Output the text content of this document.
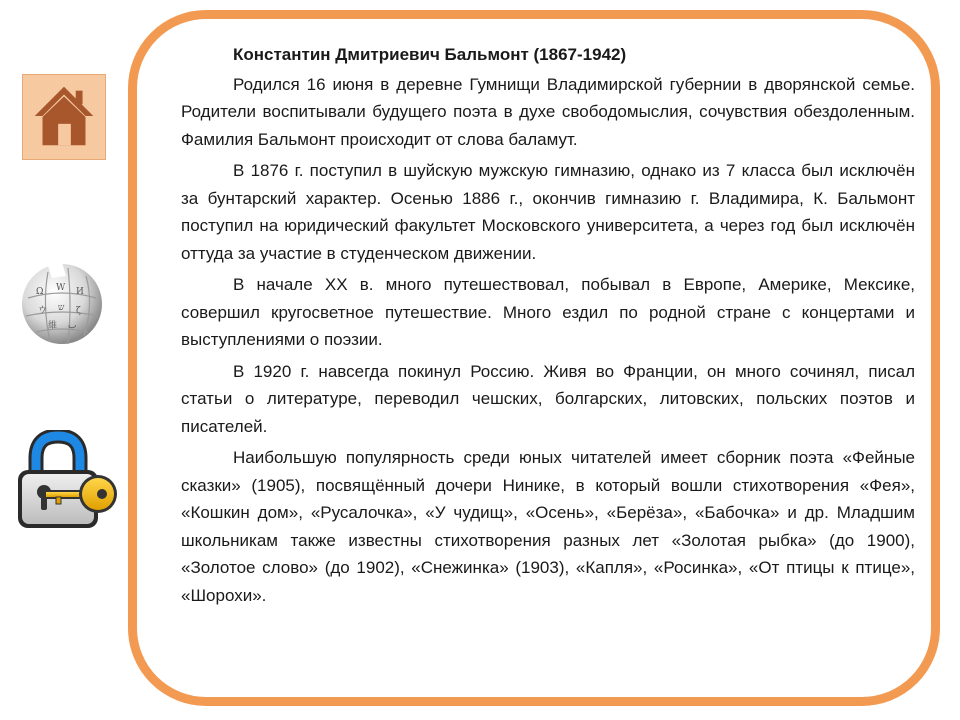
Ω W И
ウ ש ζ
維 ب

Константин Дмитриевич Бальмонт (1867-1942)

Родился 16 июня в деревне Гумнищи Владимирской губернии в дворянской семье. Родители воспитывали будущего поэта в духе свободомыслия, сочувствия обездоленным. Фамилия Бальмонт происходит от слова баламут.

В 1876 г. поступил в шуйскую мужскую гимназию, однако из 7 класса был исключён за бунтарский характер. Осенью 1886 г., окончив гимназию г. Владимира, К. Бальмонт поступил на юридический факультет Московского университета, а через год был исключён оттуда за участие в студенческом движении.

В начале XX в. много путешествовал, побывал в Европе, Америке, Мексике, совершил кругосветное путешествие. Много ездил по родной стране с концертами и выступлениями о поэзии.

В 1920 г. навсегда покинул Россию. Живя во Франции, он много сочинял, писал статьи о литературе, переводил чешских, болгарских, литовских, польских поэтов и писателей.

Наибольшую популярность среди юных читателей имеет сборник поэта «Фейные сказки» (1905), посвящённый дочери Нинике, в который вошли стихотворения «Фея», «Кошкин дом», «Русалочка», «У чудищ», «Осень», «Берёза», «Бабочка» и др. Младшим школьникам также известны стихотворения разных лет «Золотая рыбка» (до 1900), «Золотое слово» (до 1902), «Снежинка» (1903), «Капля», «Росинка», «От птицы к птице», «Шорохи».
